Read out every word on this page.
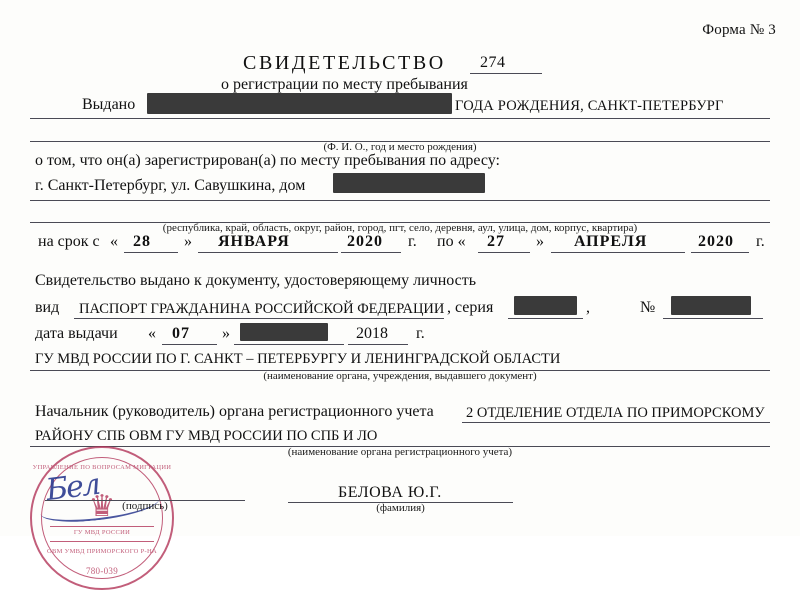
Форма № 3
СВИДЕТЕЛЬСТВО 274
о регистрации по месту пребывания
Выдано	ГОДА РОЖДЕНИЯ, САНКТ-ПЕТЕРБУРГ
(Ф. И. О., год и место рождения)
о том, что он(а) зарегистрирован(а) по месту пребывания по адресу:
г. Санкт-Петербург, ул. Савушкина, дом
(республика, край, область, округ, район, город, пгт, село, деревня, аул, улица, дом, корпус, квартира)
на срок с « 28 » ЯНВАРЯ	2020 г. по « 27 » АПРЕЛЯ	2020 г.
Свидетельство выдано к документу, удостоверяющему личность
вид ПАСПОРТ ГРАЖДАНИНА РОССИЙСКОЙ ФЕДЕРАЦИИ , серия	,	№
дата выдачи « 07 »	2018 г.
ГУ МВД РОССИИ ПО Г. САНКТ – ПЕТЕРБУРГУ И ЛЕНИНГРАДСКОЙ ОБЛАСТИ
(наименование органа, учреждения, выдавшего документ)
Начальник (руководитель) органа регистрационного учета 2 ОТДЕЛЕНИЕ ОТДЕЛА ПО ПРИМОРСКОМУ
РАЙОНУ СПБ ОВМ ГУ МВД РОССИИ ПО СПБ И ЛО
(наименование органа регистрационного учета)
УПРАВЛЕНИЕ ПО ВОПРОСАМ МИГРАЦИИ
♛
ГУ МВД РОССИИ
ОВМ УМВД ПРИМОРСКОГО Р-НА
780-039
Бел	(подпись)
БЕЛОВА Ю.Г.
(фамилия)
